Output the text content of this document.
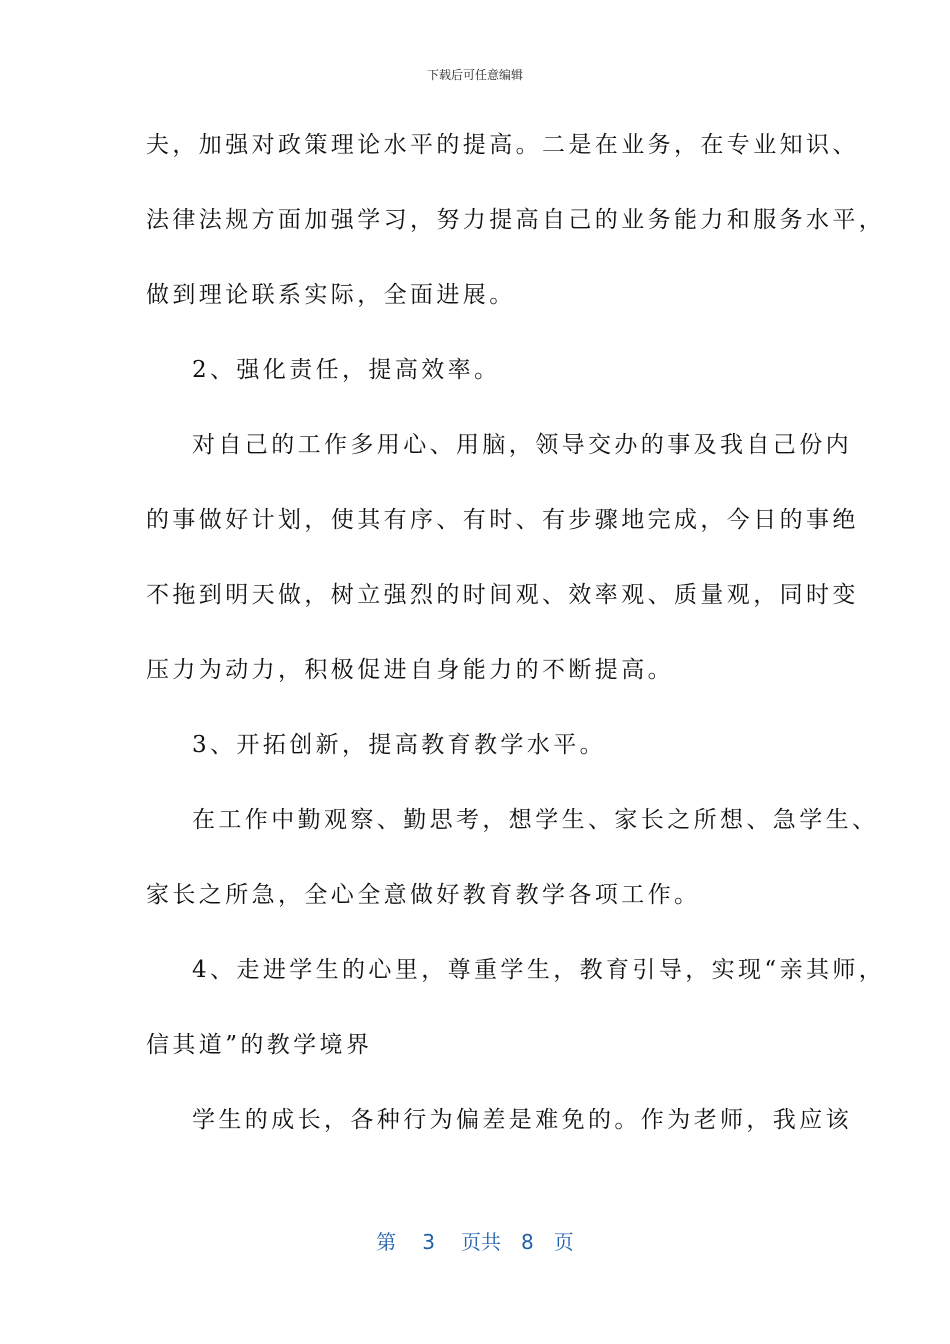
下载后可任意编辑
夫，加强对政策理论水平的提高。二是在业务，在专业知识、
法律法规方面加强学习，努力提高自己的业务能力和服务水平，
做到理论联系实际，全面进展。
2、强化责任，提高效率。
对自己的工作多用心、用脑，领导交办的事及我自己份内
的事做好计划，使其有序、有时、有步骤地完成，今日的事绝
不拖到明天做，树立强烈的时间观、效率观、质量观，同时变
压力为动力，积极促进自身能力的不断提高。
3、开拓创新，提高教育教学水平。
在工作中勤观察、勤思考，想学生、家长之所想、急学生、
家长之所急，全心全意做好教育教学各项工作。
4、走进学生的心里，尊重学生，教育引导，实现“亲其师，
信其道”的教学境界
学生的成长，各种行为偏差是难免的。作为老师，我应该
第 3 页共 8 页
